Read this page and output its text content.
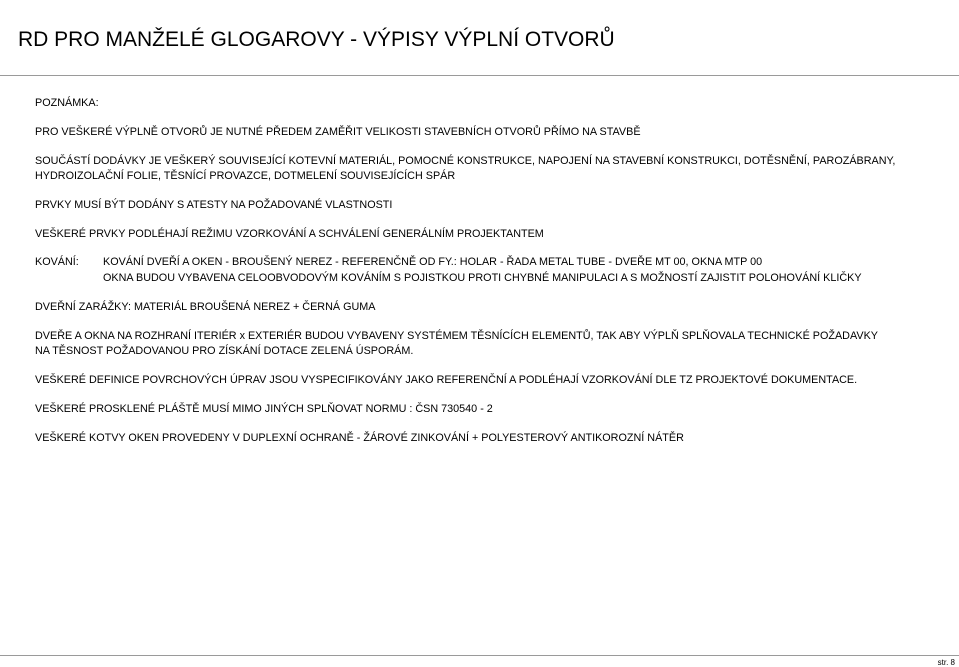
RD PRO MANŽELÉ GLOGAROVY - VÝPISY VÝPLNÍ OTVORŮ
POZNÁMKA:
PRO VEŠKERÉ VÝPLNĚ OTVORŮ JE NUTNÉ PŘEDEM ZAMĚŘIT VELIKOSTI STAVEBNÍCH OTVORŮ PŘÍMO NA STAVBĚ
SOUČÁSTÍ DODÁVKY JE VEŠKERÝ SOUVISEJÍCÍ KOTEVNÍ MATERIÁL, POMOCNÉ KONSTRUKCE, NAPOJENÍ NA STAVEBNÍ KONSTRUKCI, DOTĚSNĚNÍ, PAROZÁBRANY,
HYDROIZOLAČNÍ FOLIE, TĚSNÍCÍ PROVAZCE, DOTMELENÍ SOUVISEJÍCÍCH SPÁR
PRVKY MUSÍ BÝT DODÁNY S ATESTY NA POŽADOVANÉ VLASTNOSTI
VEŠKERÉ PRVKY PODLÉHAJÍ REŽIMU VZORKOVÁNÍ A SCHVÁLENÍ GENERÁLNÍM PROJEKTANTEM
KOVÁNÍ: KOVÁNÍ DVEŘÍ A OKEN - BROUŠENÝ NEREZ - REFERENČNĚ OD FY.: HOLAR - ŘADA METAL TUBE - DVEŘE MT 00, OKNA MTP 00
OKNA BUDOU VYBAVENA CELOOBVODOVÝM KOVÁNÍM S POJISTKOU PROTI CHYBNÉ MANIPULACI A S MOŽNOSTÍ ZAJISTIT POLOHOVÁNÍ KLIČKY
DVEŘNÍ ZARÁŽKY: MATERIÁL BROUŠENÁ NEREZ + ČERNÁ GUMA
DVEŘE A OKNA NA ROZHRANÍ ITERIÉR x EXTERIÉR BUDOU VYBAVENY SYSTÉMEM TĚSNÍCÍCH ELEMENTŮ, TAK ABY VÝPLŇ SPLŇOVALA TECHNICKÉ POŽADAVKY
NA TĚSNOST POŽADOVANOU PRO ZÍSKÁNÍ DOTACE ZELENÁ ÚSPORÁM.
VEŠKERÉ DEFINICE POVRCHOVÝCH ÚPRAV JSOU VYSPECIFIKOVÁNY JAKO REFERENČNÍ A PODLÉHAJÍ VZORKOVÁNÍ DLE TZ PROJEKTOVÉ DOKUMENTACE.
VEŠKERÉ PROSKLENÉ PLÁŠTĚ MUSÍ MIMO JINÝCH SPLŇOVAT NORMU : ČSN 730540 - 2
VEŠKERÉ KOTVY OKEN PROVEDENY V DUPLEXNÍ OCHRANĚ - ŽÁROVÉ ZINKOVÁNÍ + POLYESTEROVÝ ANTIKOROZNÍ NÁTĚR
str. 8
